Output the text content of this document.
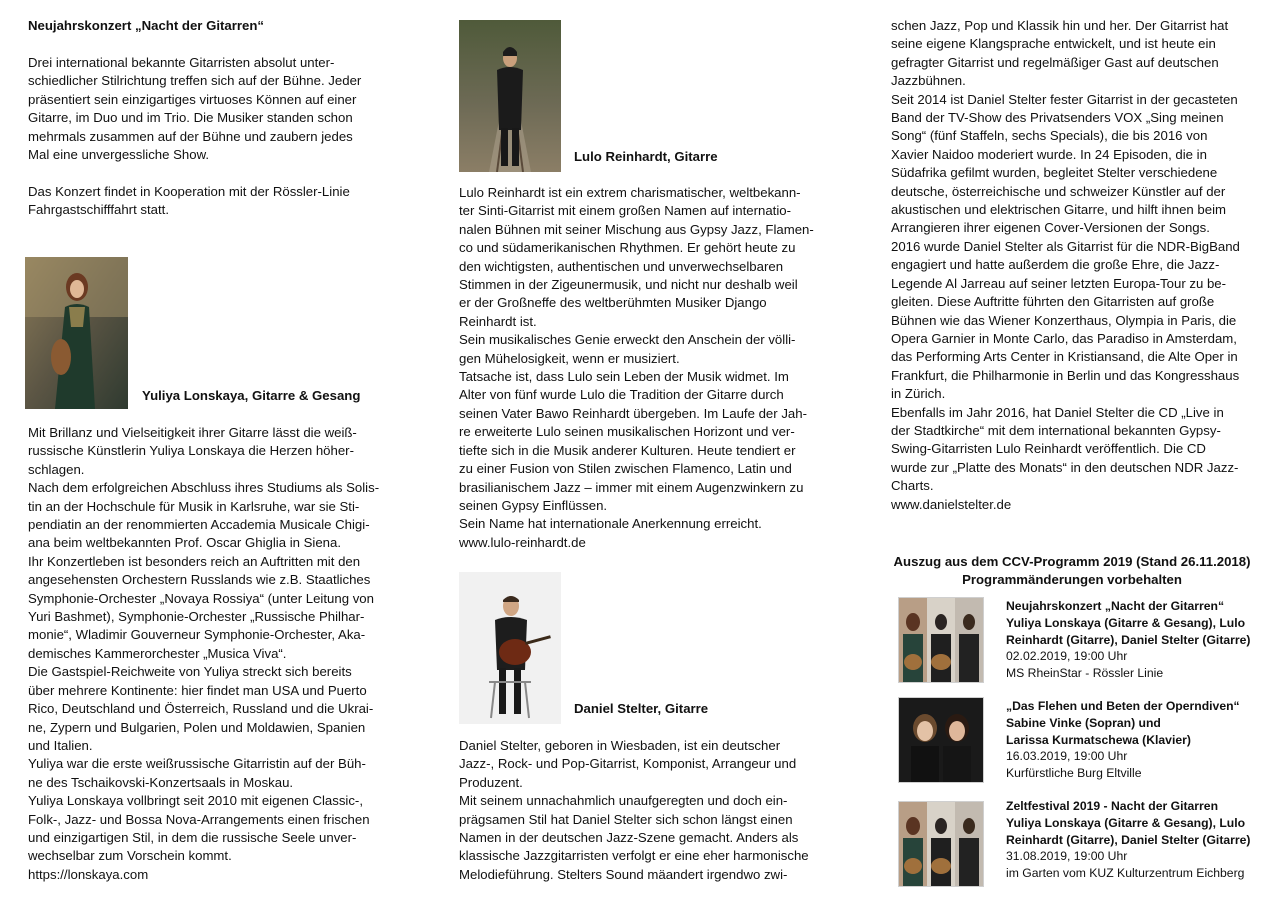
Neujahrskonzert „Nacht der Gitarren“
Drei international bekannte Gitarristen absolut unter-
schiedlicher Stilrichtung treffen sich auf der Bühne. Jeder
präsentiert sein einzigartiges virtuoses Können auf einer
Gitarre, im Duo und im Trio. Die Musiker standen schon
mehrmals zusammen auf der Bühne und zaubern jedes
Mal eine unvergessliche Show.
Das Konzert findet in Kooperation mit der Rössler-Linie
Fahrgastschifffahrt statt.
Yuliya Lonskaya, Gitarre & Gesang
Mit Brillanz und Vielseitigkeit ihrer Gitarre lässt die weiß-
russische Künstlerin Yuliya Lonskaya die Herzen höher-
schlagen.
Nach dem erfolgreichen Abschluss ihres Studiums als Solis-
tin an der Hochschule für Musik in Karlsruhe, war sie Sti-
pendiatin an der renommierten Accademia Musicale Chigi-
ana beim weltbekannten Prof. Oscar Ghiglia in Siena.
Ihr Konzertleben ist besonders reich an Auftritten mit den
angesehensten Orchestern Russlands wie z.B. Staatliches
Symphonie-Orchester „Novaya Rossiya“ (unter Leitung von
Yuri Bashmet), Symphonie-Orchester „Russische Philhar-
monie“, Wladimir Gouverneur Symphonie-Orchester, Aka-
demisches Kammerorchester „Musica Viva“.
Die Gastspiel-Reichweite von Yuliya streckt sich bereits
über mehrere Kontinente: hier findet man USA und Puerto
Rico, Deutschland und Österreich, Russland und die Ukrai-
ne, Zypern und Bulgarien, Polen und Moldawien, Spanien
und Italien.
Yuliya war die erste weißrussische Gitarristin auf der Büh-
ne des Tschaikovski-Konzertsaals in Moskau.
Yuliya Lonskaya vollbringt seit 2010 mit eigenen Classic-,
Folk-, Jazz- und Bossa Nova-Arrangements einen frischen
und einzigartigen Stil, in dem die russische Seele unver-
wechselbar zum Vorschein kommt.
https://lonskaya.com
Lulo Reinhardt, Gitarre
Lulo Reinhardt ist ein extrem charismatischer, weltbekann-
ter Sinti-Gitarrist mit einem großen Namen auf internatio-
nalen Bühnen mit seiner Mischung aus Gypsy Jazz, Flamen-
co und südamerikanischen Rhythmen. Er gehört heute zu
den wichtigsten, authentischen und unverwechselbaren
Stimmen in der Zigeunermusik, und nicht nur deshalb weil
er der Großneffe des weltberühmten Musiker Django
Reinhardt ist.
Sein musikalisches Genie erweckt den Anschein der völli-
gen Mühelosigkeit, wenn er musiziert.
Tatsache ist, dass Lulo sein Leben der Musik widmet. Im
Alter von fünf wurde Lulo die Tradition der Gitarre durch
seinen Vater Bawo Reinhardt übergeben. Im Laufe der Jah-
re erweiterte Lulo seinen musikalischen Horizont und ver-
tiefte sich in die Musik anderer Kulturen. Heute tendiert er
zu einer Fusion von Stilen zwischen Flamenco, Latin und
brasilianischem Jazz – immer mit einem Augenzwinkern zu
seinen Gypsy Einflüssen.
Sein Name hat internationale Anerkennung erreicht.
www.lulo-reinhardt.de
Daniel Stelter, Gitarre
Daniel Stelter, geboren in Wiesbaden, ist ein deutscher
Jazz-, Rock- und Pop-Gitarrist, Komponist, Arrangeur und
Produzent.
Mit seinem unnachahmlich unaufgeregten und doch ein-
prägsamen Stil hat Daniel Stelter sich schon längst einen
Namen in der deutschen Jazz-Szene gemacht. Anders als
klassische Jazzgitarristen verfolgt er eine eher harmonische
Melodieführung. Stelters Sound mäandert irgendwo zwi-
schen Jazz, Pop und Klassik hin und her. Der Gitarrist hat
seine eigene Klangsprache entwickelt, und ist heute ein
gefragter Gitarrist und regelmäßiger Gast auf deutschen
Jazzbühnen.
Seit 2014 ist Daniel Stelter fester Gitarrist in der gecasteten
Band der TV-Show des Privatsenders VOX „Sing meinen
Song“ (fünf Staffeln, sechs Specials), die bis 2016 von
Xavier Naidoo moderiert wurde. In 24 Episoden, die in
Südafrika gefilmt wurden, begleitet Stelter verschiedene
deutsche, österreichische und schweizer Künstler auf der
akustischen und elektrischen Gitarre, und hilft ihnen beim
Arrangieren ihrer eigenen Cover-Versionen der Songs.
2016 wurde Daniel Stelter als Gitarrist für die NDR-BigBand
engagiert und hatte außerdem die große Ehre, die Jazz-
Legende Al Jarreau auf seiner letzten Europa-Tour zu be-
gleiten. Diese Auftritte führten den Gitarristen auf große
Bühnen wie das Wiener Konzerthaus, Olympia in Paris, die
Opera Garnier in Monte Carlo, das Paradiso in Amsterdam,
das Performing Arts Center in Kristiansand, die Alte Oper in
Frankfurt, die Philharmonie in Berlin und das Kongresshaus
in Zürich.
Ebenfalls im Jahr 2016, hat Daniel Stelter die CD „Live in
der Stadtkirche“ mit dem international bekannten Gypsy-
Swing-Gitarristen Lulo Reinhardt veröffentlich. Die CD
wurde zur „Platte des Monats“ in den deutschen NDR Jazz-
Charts.
www.danielstelter.de
Auszug aus dem CCV-Programm 2019 (Stand 26.11.2018)
Programmänderungen vorbehalten
Neujahrskonzert „Nacht der Gitarren“
Yuliya Lonskaya (Gitarre & Gesang), Lulo
Reinhardt (Gitarre), Daniel Stelter (Gitarre)
02.02.2019, 19:00 Uhr
MS RheinStar - Rössler Linie
„Das Flehen und Beten der Operndiven“
Sabine Vinke (Sopran) und
Larissa Kurmatschewa (Klavier)
16.03.2019, 19:00 Uhr
Kurfürstliche Burg Eltville
Zeltfestival 2019 - Nacht der Gitarren
Yuliya Lonskaya (Gitarre & Gesang), Lulo
Reinhardt (Gitarre), Daniel Stelter (Gitarre)
31.08.2019, 19:00 Uhr
im Garten vom KUZ Kulturzentrum Eichberg
